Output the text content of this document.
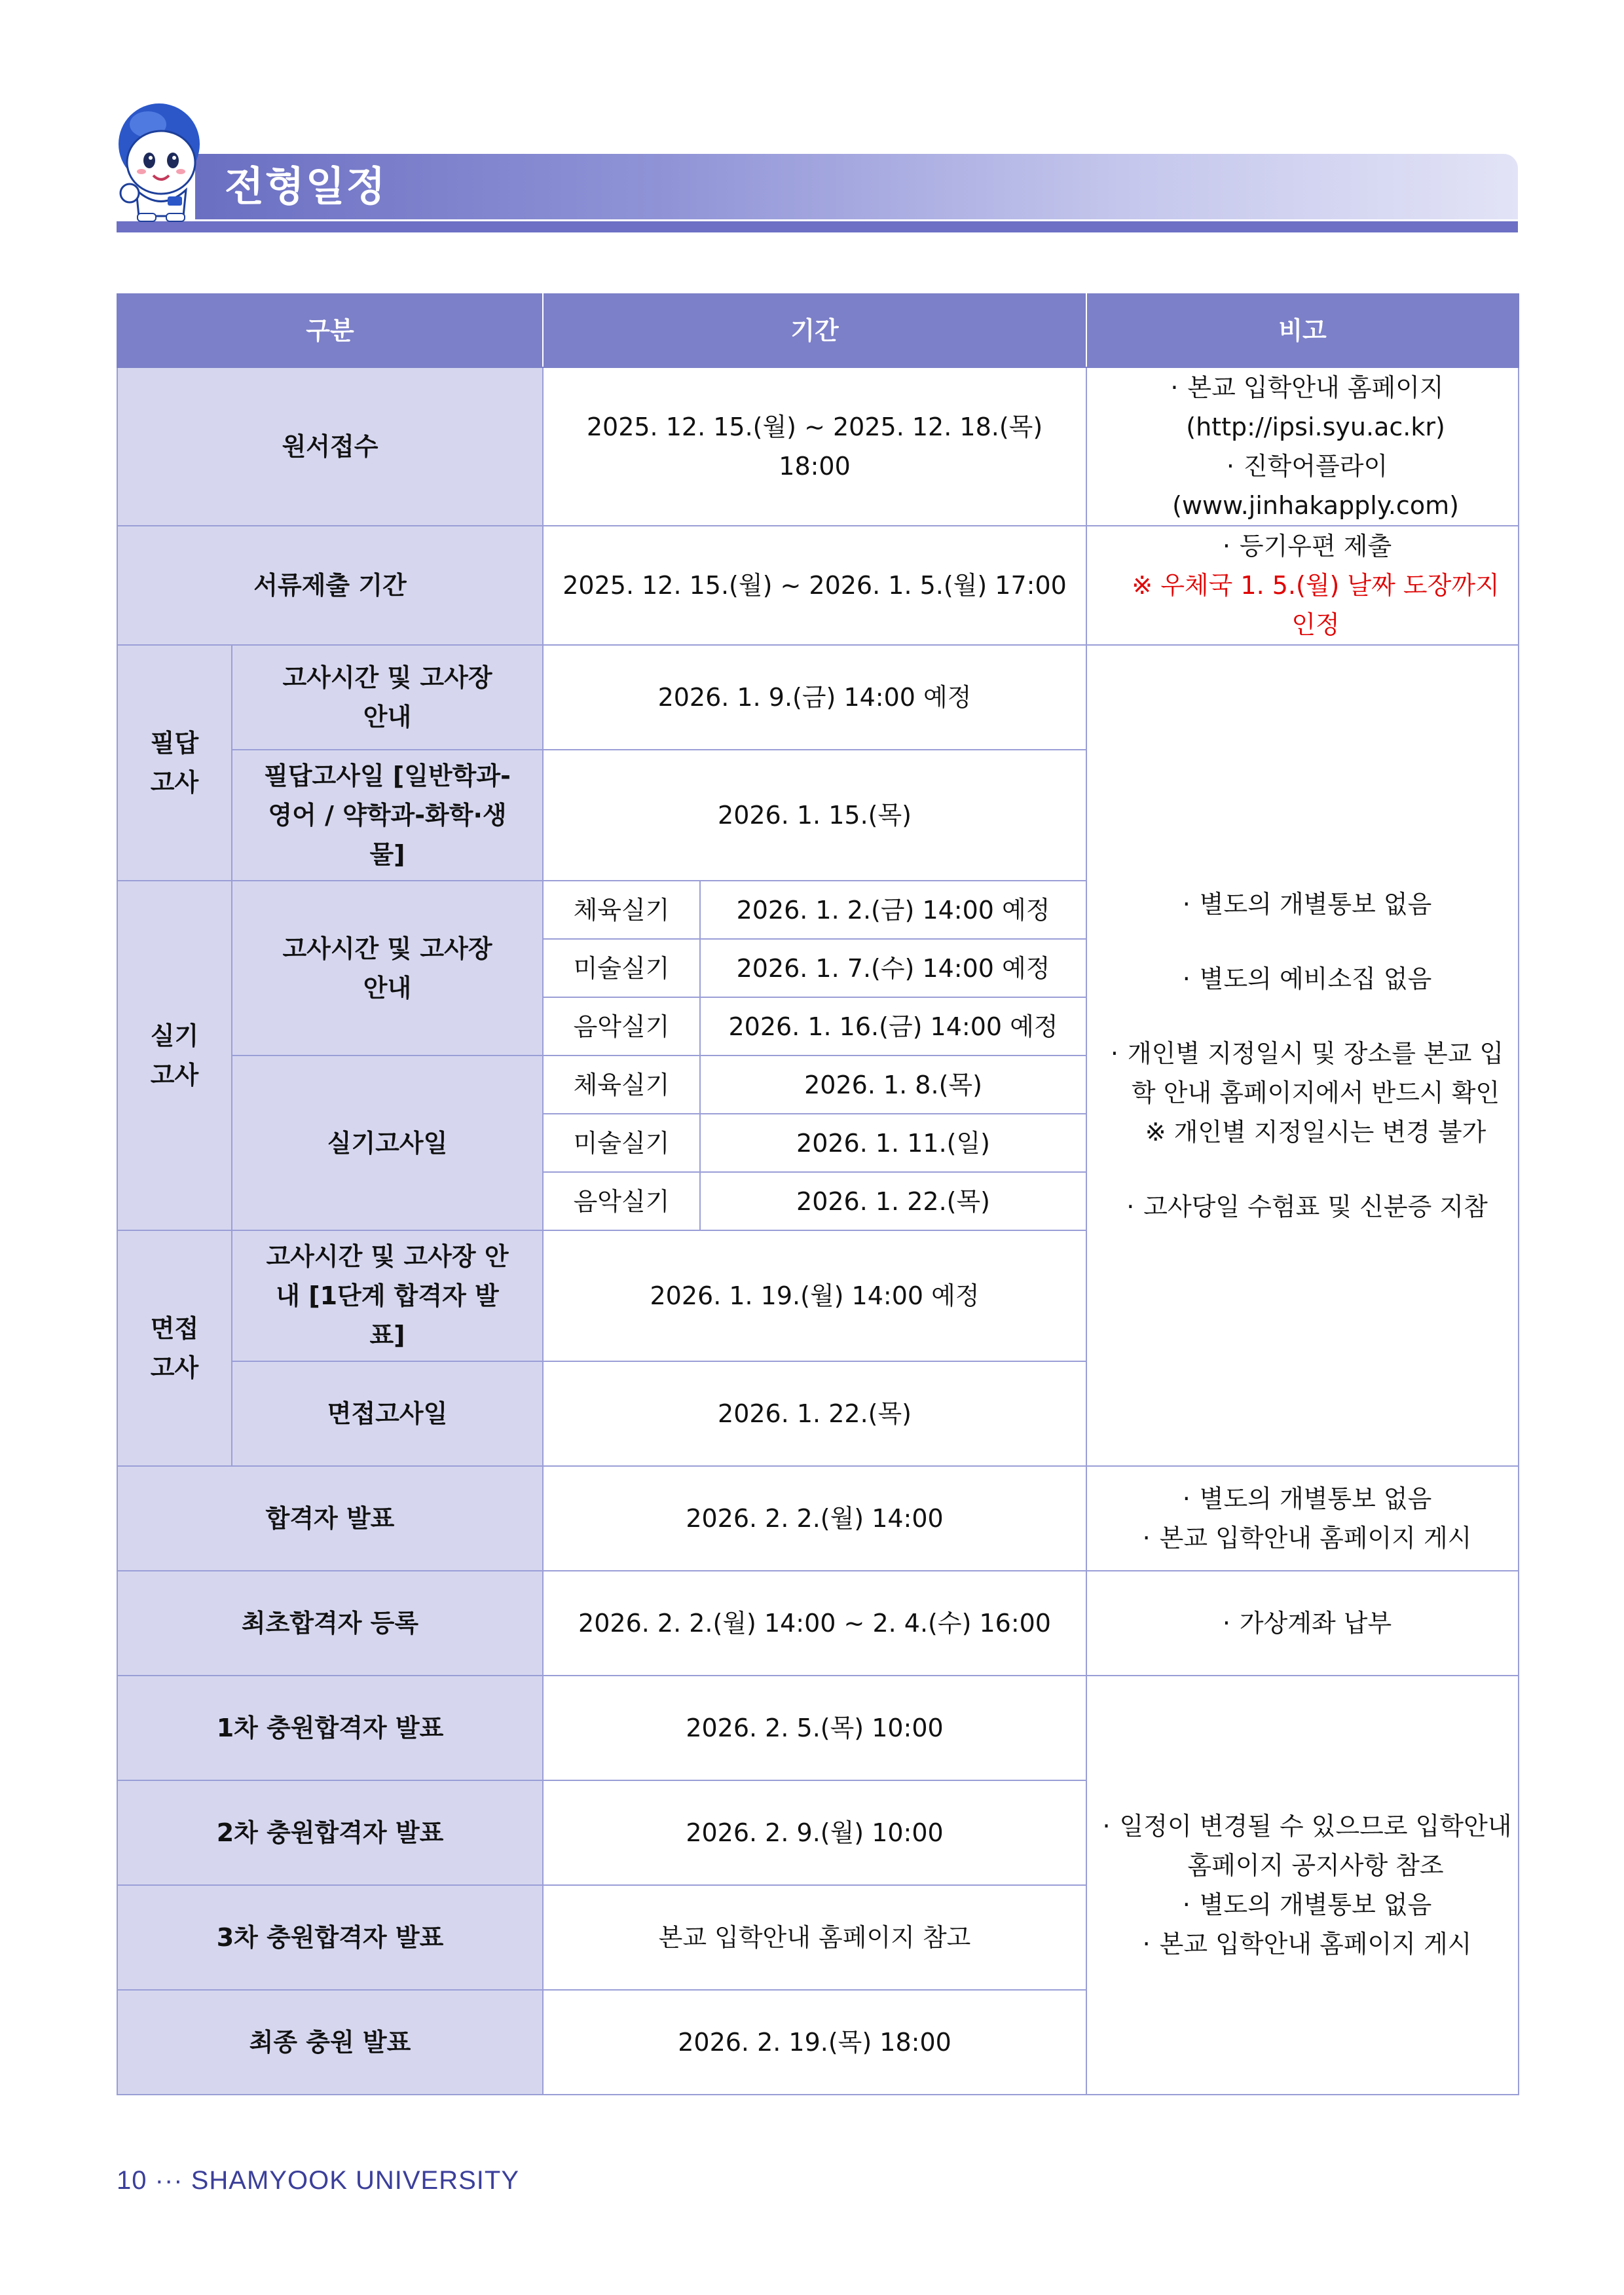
전형일정
구분		기간		비고
원서접수		2025. 12. 15.(월) ~ 2025. 12. 18.(목) 18:00		· 본교 입학안내 홈페이지
(http://ipsi.syu.ac.kr)
· 진학어플라이(www.jinhakapply.com)

서류제출 기간		2025. 12. 15.(월) ~ 2026. 1. 5.(월) 17:00		· 등기우편 제출
※ 우체국 1. 5.(월) 날짜 도장까지 인정

필답 고사	고사시간 및 고사장 안내	2026. 1. 9.(금) 14:00 예정		· 별도의 개별통보 없음
· 별도의 예비소집 없음
· 개인별 지정일시 및 장소를 본교 입학 안내 홈페이지에서 반드시 확인
※ 개인별 지정일시는 변경 불가
· 고사당일 수험표 및 신분증 지참

	필답고사일 [일반학과-영어 / 약학과-화학·생물]	2026. 1. 15.(목)		
실기 고사	고사시간 및 고사장 안내	체육실기	2026. 1. 2.(금) 14:00 예정	
		미술실기	2026. 1. 7.(수) 14:00 예정	
		음악실기	2026. 1. 16.(금) 14:00 예정	
	실기고사일	체육실기	2026. 1. 8.(목)	
		미술실기	2026. 1. 11.(일)	
		음악실기	2026. 1. 22.(목)	
면접 고사	고사시간 및 고사장 안내 [1단계 합격자 발표]	2026. 1. 19.(월) 14:00 예정		
	면접고사일	2026. 1. 22.(목)		
합격자 발표		2026. 2. 2.(월) 14:00		· 별도의 개별통보 없음
· 본교 입학안내 홈페이지 게시

최초합격자 등록		2026. 2. 2.(월) 14:00 ~ 2. 4.(수) 16:00		· 가상계좌 납부

1차 충원합격자 발표		2026. 2. 5.(목) 10:00		· 일정이 변경될 수 있으므로 입학안내 홈페이지 공지사항 참조
· 별도의 개별통보 없음
· 본교 입학안내 홈페이지 게시

2차 충원합격자 발표		2026. 2. 9.(월) 10:00		
3차 충원합격자 발표		본교 입학안내 홈페이지 참고		
최종 충원 발표		2026. 2. 19.(목) 18:00		
10 ··· SHAMYOOK UNIVERSITY
